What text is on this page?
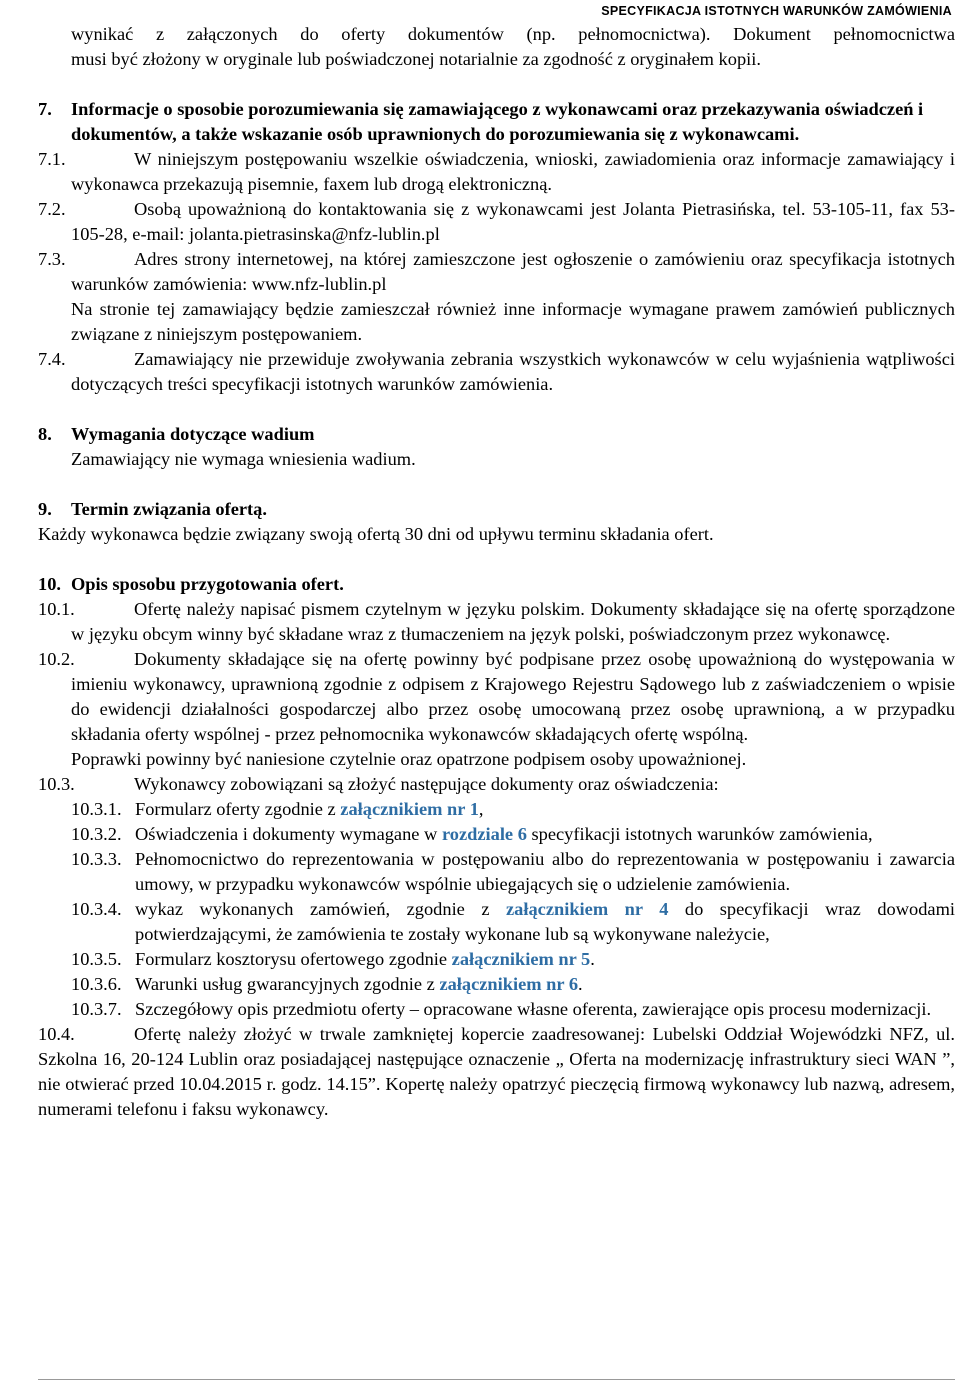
SPECYFIKACJA ISTOTNYCH WARUNKÓW ZAMÓWIENIA

wynikać z załączonych do oferty dokumentów (np. pełnomocnictwa). Dokument pełnomocnictwa

musi być złożony w oryginale lub poświadczonej notarialnie za zgodność z oryginałem kopii.

7.	Informacje o sposobie porozumiewania się zamawiającego z wykonawcami oraz przekazywania oświadczeń i dokumentów, a także wskazanie osób uprawnionych do porozumiewania się z wykonawcami.
7.1.	W niniejszym postępowaniu wszelkie oświadczenia, wnioski, zawiadomienia oraz informacje zamawiający i wykonawca przekazują pisemnie, faxem lub drogą elektroniczną.
7.2.	Osobą upoważnioną do kontaktowania się z wykonawcami jest Jolanta Pietrasińska, tel. 53-105-11, fax 53-105-28, e-mail: jolanta.pietrasinska@nfz-lublin.pl
7.3.	Adres strony internetowej, na której zamieszczone jest ogłoszenie o zamówieniu oraz specyfikacja istotnych warunków zamówienia: www.nfz-lublin.pl

Na stronie tej zamawiający będzie zamieszczał również inne informacje wymagane prawem zamówień publicznych związane z niniejszym postępowaniem.

7.4.	Zamawiający nie przewiduje zwoływania zebrania wszystkich wykonawców w celu wyjaśnienia wątpliwości dotyczących treści specyfikacji istotnych warunków zamówienia.
8.	Wymagania dotyczące wadium

Zamawiający nie wymaga wniesienia wadium.

9.	Termin związania ofertą.

Każdy wykonawca będzie związany swoją ofertą 30 dni od upływu terminu składania ofert.

10. Opis sposobu przygotowania ofert.
10.1.	Ofertę należy napisać pismem czytelnym w języku polskim. Dokumenty składające się na ofertę sporządzone w języku obcym winny być składane wraz z tłumaczeniem na język polski, poświadczonym przez wykonawcę.
10.2.	Dokumenty składające się na ofertę powinny być podpisane przez osobę upoważnioną do występowania w imieniu wykonawcy, uprawnioną zgodnie z odpisem z Krajowego Rejestru Sądowego lub z zaświadczeniem o wpisie do ewidencji działalności gospodarczej albo przez osobę umocowaną przez osobę uprawnioną, a w przypadku składania oferty wspólnej - przez pełnomocnika wykonawców składających ofertę wspólną.

Poprawki powinny być naniesione czytelnie oraz opatrzone podpisem osoby upoważnionej.

10.3.	Wykonawcy zobowiązani są złożyć następujące dokumenty oraz oświadczenia:
10.3.1. Formularz oferty zgodnie z załącznikiem nr 1,
10.3.2. Oświadczenia i dokumenty wymagane w rozdziale 6 specyfikacji istotnych warunków zamówienia,
10.3.3. Pełnomocnictwo do reprezentowania w postępowaniu albo do reprezentowania w postępowaniu i zawarcia umowy, w przypadku wykonawców wspólnie ubiegających się o udzielenie zamówienia.
10.3.4. wykaz wykonanych zamówień, zgodnie z załącznikiem nr 4 do specyfikacji wraz dowodami potwierdzającymi, że zamówienia te zostały wykonane lub są wykonywane należycie,
10.3.5. Formularz kosztorysu ofertowego zgodnie załącznikiem nr 5.
10.3.6. Warunki usług gwarancyjnych zgodnie z załącznikiem nr 6.
10.3.7. Szczegółowy opis przedmiotu oferty – opracowane własne oferenta, zawierające opis procesu modernizacji.
10.4.	Ofertę należy złożyć w trwale zamkniętej kopercie zaadresowanej: Lubelski Oddział Wojewódzki NFZ, ul. Szkolna 16, 20-124 Lublin oraz posiadającej następujące oznaczenie „ Oferta na modernizację infrastruktury sieci WAN ”, nie otwierać przed 10.04.2015 r. godz. 14.15”. Kopertę należy opatrzyć pieczęcią firmową wykonawcy lub nazwą, adresem, numerami telefonu i faksu wykonawcy.
